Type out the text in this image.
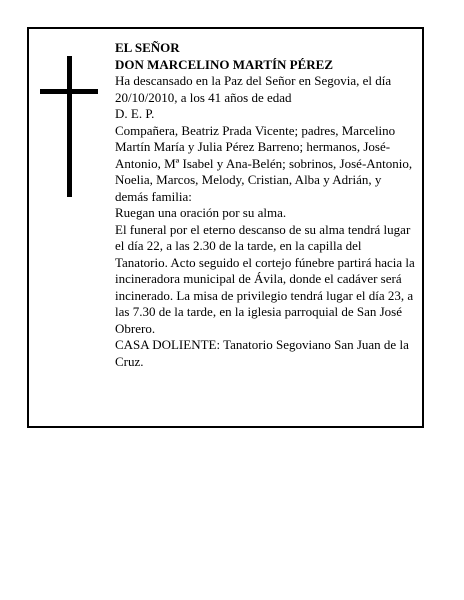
EL SEÑOR

DON MARCELINO MARTÍN PÉREZ

Ha descansado en la Paz del Señor en Segovia, el día 20/10/2010, a los 41 años de edad

D. E. P.

Compañera, Beatriz Prada Vicente; padres, Marcelino Martín María y Julia Pérez Barreno; hermanos, José-Antonio, Mª Isabel y Ana-Belén; sobrinos, José-Antonio, Noelia, Marcos, Melody, Cristian, Alba y Adrián, y demás familia:

Ruegan una oración por su alma.

El funeral por el eterno descanso de su alma tendrá lugar el día 22, a las 2.30 de la tarde, en la capilla del Tanatorio. Acto seguido el cortejo fúnebre partirá hacia la incineradora municipal de Ávila, donde el cadáver será incinerado. La misa de privilegio tendrá lugar el día 23, a las 7.30 de la tarde, en la iglesia parroquial de San José Obrero.

CASA DOLIENTE: Tanatorio Segoviano San Juan de la Cruz.
